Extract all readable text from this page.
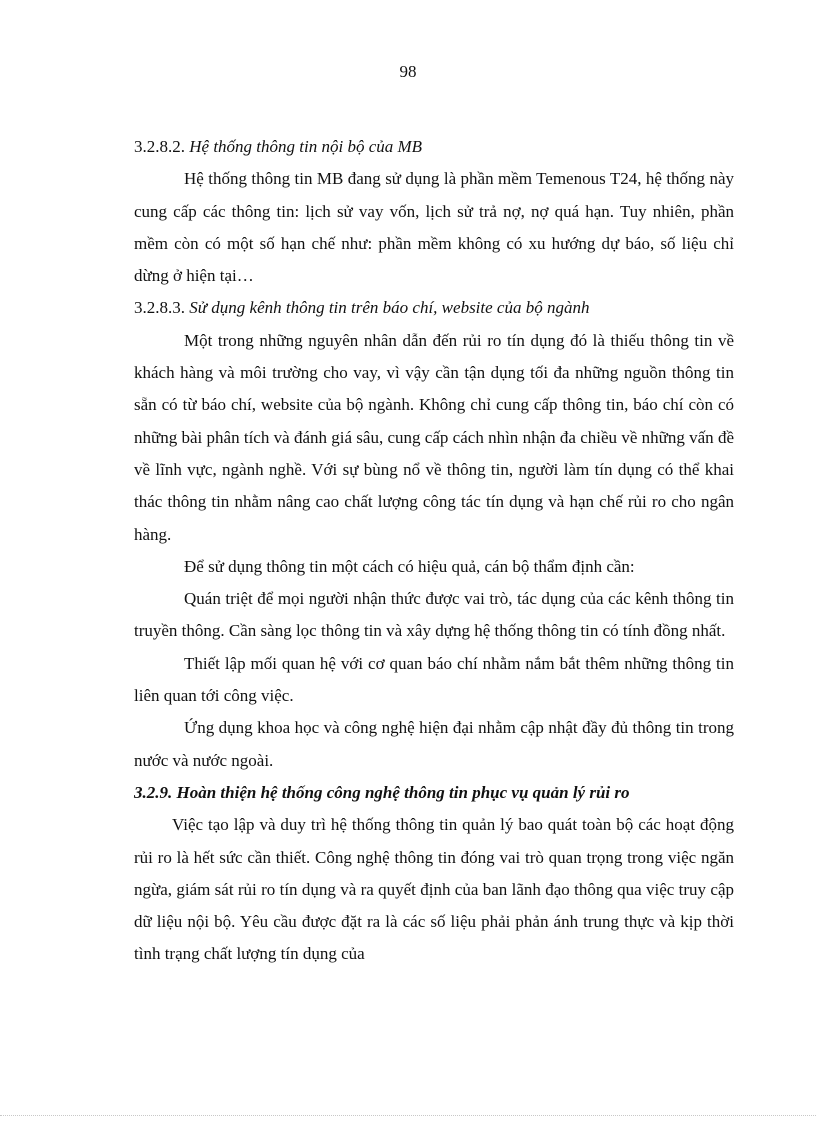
98

3.2.8.2. Hệ thống thông tin nội bộ của MB

Hệ thống thông tin MB đang sử dụng là phần mềm Temenous T24, hệ thống này cung cấp các thông tin: lịch sử vay vốn, lịch sử trả nợ, nợ quá hạn. Tuy nhiên, phần mềm còn có một số hạn chế như: phần mềm không có xu hướng dự báo, số liệu chỉ dừng ở hiện tại…

3.2.8.3. Sử dụng kênh thông tin trên báo chí, website của bộ ngành

Một trong những nguyên nhân dẫn đến rủi ro tín dụng đó là thiếu thông tin về khách hàng và môi trường cho vay, vì vậy cần tận dụng tối đa những nguồn thông tin sẵn có từ báo chí, website của bộ ngành. Không chỉ cung cấp thông tin, báo chí còn có những bài phân tích và đánh giá sâu, cung cấp cách nhìn nhận đa chiều về những vấn đề về lĩnh vực, ngành nghề. Với sự bùng nổ về thông tin, người làm tín dụng có thể khai thác thông tin nhằm nâng cao chất lượng công tác tín dụng và hạn chế rủi ro cho ngân hàng.

Để sử dụng thông tin một cách có hiệu quả, cán bộ thẩm định cần:

Quán triệt để mọi người nhận thức được vai trò, tác dụng của các kênh thông tin truyền thông. Cần sàng lọc thông tin và xây dựng hệ thống thông tin có tính đồng nhất.

Thiết lập mối quan hệ với cơ quan báo chí nhằm nắm bắt thêm những thông tin liên quan tới công việc.

Ứng dụng khoa học và công nghệ hiện đại nhằm cập nhật đầy đủ thông tin trong nước và nước ngoài.

3.2.9. Hoàn thiện hệ thống công nghệ thông tin phục vụ quản lý rủi ro

Việc tạo lập và duy trì hệ thống thông tin quản lý bao quát toàn bộ các hoạt động rủi ro là hết sức cần thiết. Công nghệ thông tin đóng vai trò quan trọng trong việc ngăn ngừa, giám sát rủi ro tín dụng và ra quyết định của ban lãnh đạo thông qua việc truy cập dữ liệu nội bộ. Yêu cầu được đặt ra là các số liệu phải phản ánh trung thực và kịp thời tình trạng chất lượng tín dụng của
